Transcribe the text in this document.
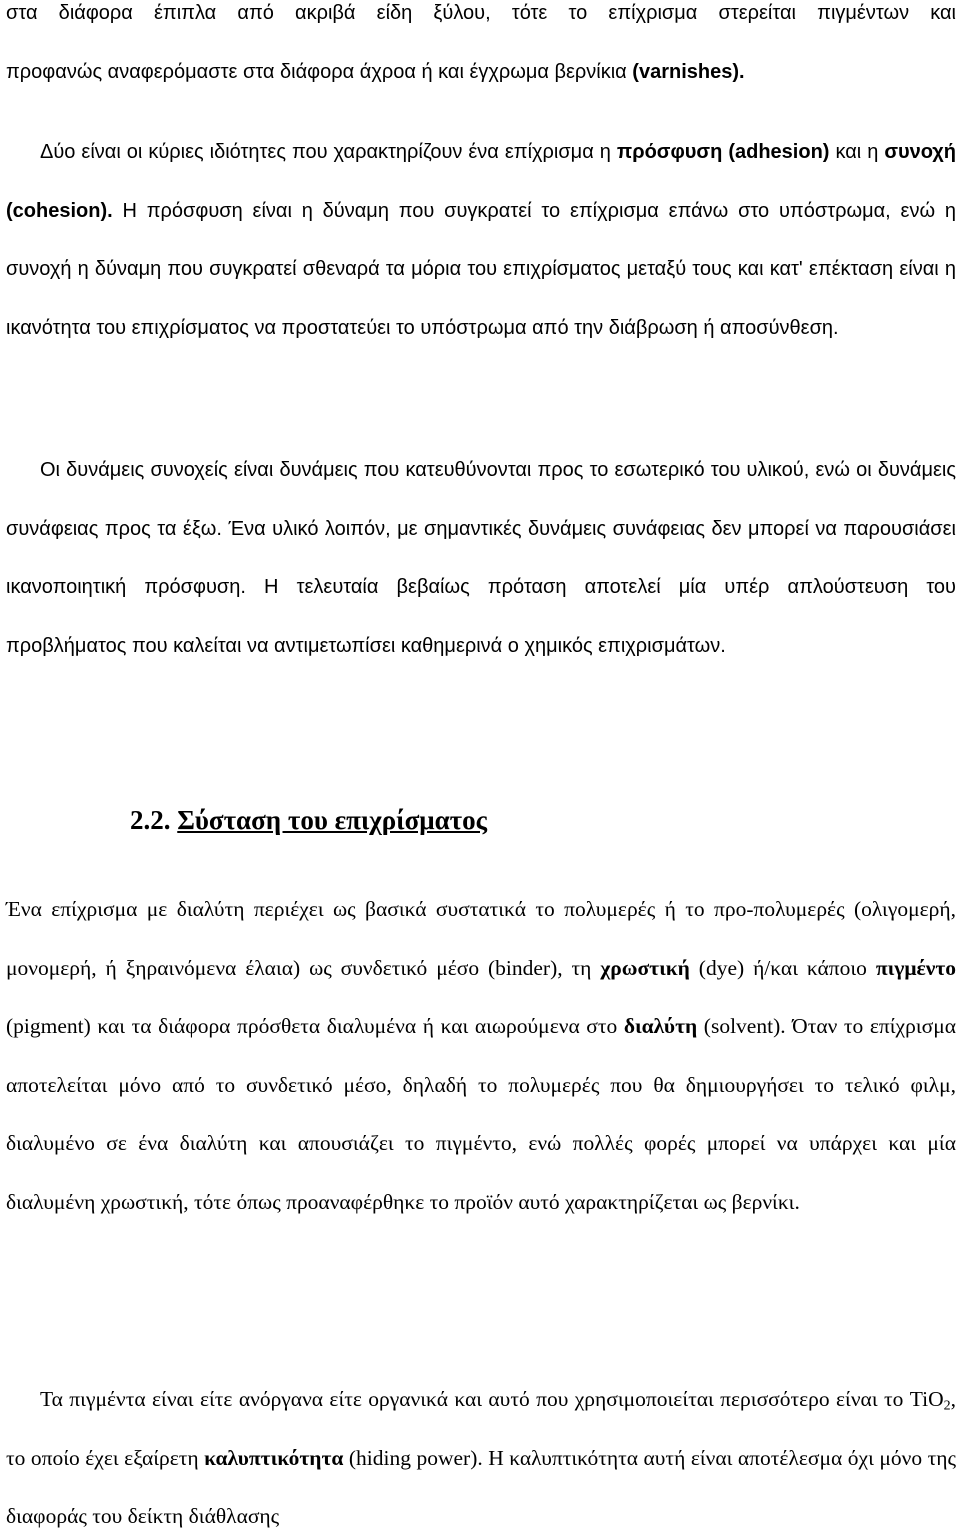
στα διάφορα έπιπλα από ακριβά είδη ξύλου, τότε το επίχρισμα στερείται πιγμέντων και
προφανώς αναφερόμαστε στα διάφορα άχροα ή και έγχρωμα βερνίκια (varnishes).

Δύο είναι οι κύριες ιδιότητες που χαρακτηρίζουν ένα επίχρισμα η πρόσφυση (adhesion) και η συνοχή (cohesion). Η πρόσφυση είναι η δύναμη που συγκρατεί το επίχρισμα επάνω στο υπόστρωμα, ενώ η συνοχή η δύναμη που συγκρατεί σθεναρά τα μόρια του επιχρίσματος μεταξύ τους και κατ' επέκταση είναι η ικανότητα του επιχρίσματος να προστατεύει το υπόστρωμα από την διάβρωση ή αποσύνθεση.

Οι δυνάμεις συνοχείς είναι δυνάμεις που κατευθύνονται προς το εσωτερικό του υλικού, ενώ οι δυνάμεις συνάφειας προς τα έξω. Ένα υλικό λοιπόν, με σημαντικές δυνάμεις συνάφειας δεν μπορεί να παρουσιάσει ικανοποιητική πρόσφυση. Η τελευταία βεβαίως πρόταση αποτελεί μία υπέρ απλούστευση του προβλήματος που καλείται να αντιμετωπίσει καθημερινά ο χημικός επιχρισμάτων.

2.2. Σύσταση του επιχρίσματος

Ένα επίχρισμα με διαλύτη περιέχει ως βασικά συστατικά το πολυμερές ή το προ-πολυμερές (ολιγομερή, μονομερή, ή ξηραινόμενα έλαια) ως συνδετικό μέσο (binder), τη χρωστική (dye) ή/και κάποιο πιγμέντο (pigment) και τα διάφορα πρόσθετα διαλυμένα ή και αιωρούμενα στο διαλύτη (solvent). Όταν το επίχρισμα αποτελείται μόνο από το συνδετικό μέσο, δηλαδή το πολυμερές που θα δημιουργήσει το τελικό φιλμ, διαλυμένο σε ένα διαλύτη και απουσιάζει το πιγμέντο, ενώ πολλές φορές μπορεί να υπάρχει και μία διαλυμένη χρωστική, τότε όπως προαναφέρθηκε το προϊόν αυτό χαρακτηρίζεται ως βερνίκι.

Τα πιγμέντα είναι είτε ανόργανα είτε οργανικά και αυτό που χρησιμοποιείται περισσότερο είναι το TiO$_2$, το οποίο έχει εξαίρετη καλυπτικότητα (hiding power). Η καλυπτικότητα αυτή είναι αποτέλεσμα όχι μόνο της διαφοράς του δείκτη διάθλασης
